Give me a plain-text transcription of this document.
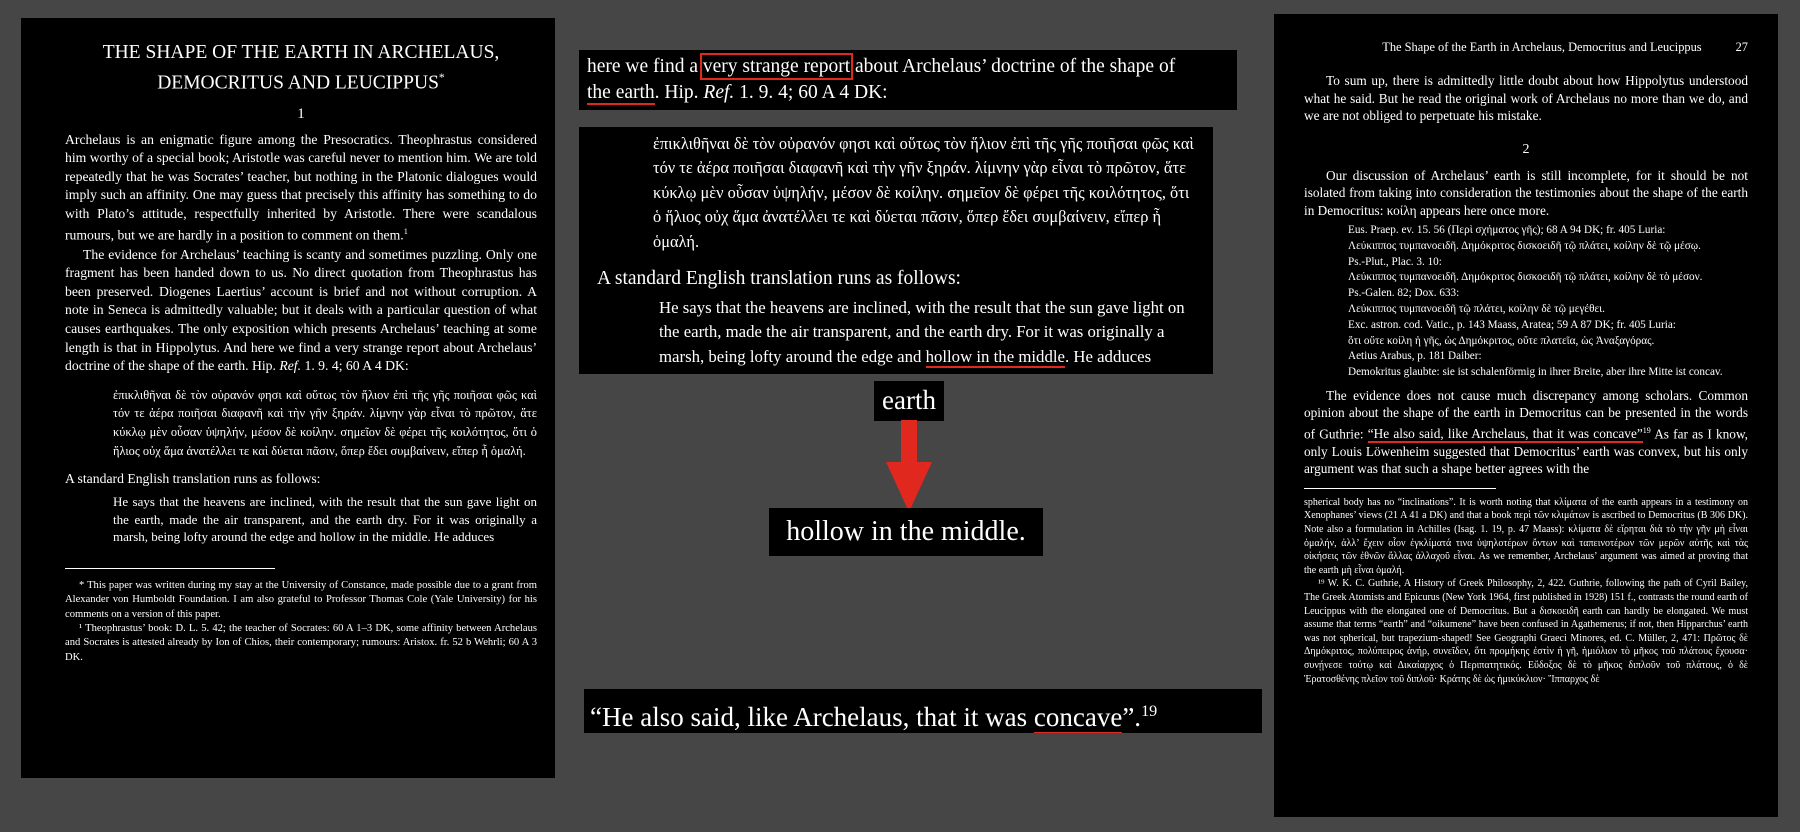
THE SHAPE OF THE EARTH IN ARCHELAUS,
DEMOCRITUS AND LEUCIPPUS*
1

Archelaus is an enigmatic figure among the Presocratics. Theophrastus considered him worthy of a special book; Aristotle was careful never to mention him. We are told repeatedly that he was Socrates’ teacher, but nothing in the Platonic dialogues would imply such an affinity. One may guess that precisely this affinity has something to do with Plato’s attitude, respectfully inherited by Aristotle. There were scandalous rumours, but we are hardly in a position to comment on them.$^1$

The evidence for Archelaus’ teaching is scanty and sometimes puzzling. Only one fragment has been handed down to us. No direct quotation from Theophrastus has been preserved. Diogenes Laertius’ account is brief and not without corruption. A note in Seneca is admittedly valuable; but it deals with a particular question of what causes earthquakes. The only exposition which presents Archelaus’ teaching at some length is that in Hippolytus. And here we find a very strange report about Archelaus’ doctrine of the shape of the earth. Hip. Ref. 1. 9. 4; 60 A 4 DK:

ἐπικλιθῆναι δὲ τὸν οὐρανόν φησι καὶ οὕτως τὸν ἥλιον ἐπὶ τῆς γῆς ποιῆσαι φῶς καὶ τόν τε ἀέρα ποιῆσαι διαφανῆ καὶ τὴν γῆν ξηράν. λίμνην γὰρ εἶναι τὸ πρῶτον, ἅτε κύκλῳ μὲν οὖσαν ὑψηλήν, μέσον δὲ κοίλην. σημεῖον δὲ φέρει τῆς κοιλότητος, ὅτι ὁ ἥλιος οὐχ ἅμα ἀνατέλλει τε καὶ δύεται πᾶσιν, ὅπερ ἔδει συμβαίνειν, εἴπερ ἦ ὁμαλή.

A standard English translation runs as follows:

He says that the heavens are inclined, with the result that the sun gave light on the earth, made the air transparent, and the earth dry. For it was originally a marsh, being lofty around the edge and hollow in the middle. He adduces

* This paper was written during my stay at the University of Constance, made possible due to a grant from Alexander von Humboldt Foundation. I am also grateful to Professor Thomas Cole (Yale University) for his comments on a version of this paper.

¹ Theophrastus’ book: D. L. 5. 42; the teacher of Socrates: 60 A 1–3 DK, some affinity between Archelaus and Socrates is attested already by Ion of Chios, their contemporary; rumours: Aristox. fr. 52 b Wehrli; 60 A 3 DK.

here we find a very strange report about Archelaus’ doctrine of the shape of
the earth. Hip. Ref. 1. 9. 4; 60 A 4 DK:
ἐπικλιθῆναι δὲ τὸν οὐρανόν φησι καὶ οὕτως τὸν ἥλιον ἐπὶ τῆς γῆς ποιῆσαι φῶς καὶ τόν τε ἀέρα ποιῆσαι διαφανῆ καὶ τὴν γῆν ξηράν. λίμνην γὰρ εἶναι τὸ πρῶτον, ἅτε κύκλῳ μὲν οὖσαν ὑψηλήν, μέσον δὲ κοίλην. σημεῖον δὲ φέρει τῆς κοιλότητος, ὅτι ὁ ἥλιος οὐχ ἅμα ἀνατέλλει τε καὶ δύεται πᾶσιν, ὅπερ ἔδει συμβαίνειν, εἴπερ ἦ ὁμαλή.
A standard English translation runs as follows:
He says that the heavens are inclined, with the result that the sun gave light on the earth, made the air transparent, and the earth dry. For it was originally a marsh, being lofty around the edge and hollow in the middle. He adduces
earth
hollow in the middle.
“He also said, like Archelaus, that it was concave”.$^{19}$
The Shape of the Earth in Archelaus, Democritus and Leucippus	27

To sum up, there is admittedly little doubt about how Hippolytus understood what he said. But he read the original work of Archelaus no more than we do, and we are not obliged to perpetuate his mistake.

2

Our discussion of Archelaus’ earth is still incomplete, for it should be not isolated from taking into consideration the testimonies about the shape of the earth in Democritus: κοίλη appears here once more.

Eus. Praep. ev. 15. 56 (Περὶ σχήματος γῆς); 68 A 94 DK; fr. 405 Luria:
Λεύκιππος τυμπανοειδῆ. Δημόκριτος δισκοειδῆ τῷ πλάτει, κοίλην δὲ τῷ μέσῳ.
Ps.-Plut., Plac. 3. 10:
Λεύκιππος τυμπανοειδῆ. Δημόκριτος δισκοειδῆ τῷ πλάτει, κοίλην δὲ τὸ μέσον.
Ps.-Galen. 82; Dox. 633:
Λεύκιππος τυμπανοειδῆ τῷ πλάτει, κοίλην δὲ τῷ μεγέθει.
Exc. astron. cod. Vatic., p. 143 Maass, Aratea; 59 A 87 DK; fr. 405 Luria:
ὅτι οὔτε κοίλη ἡ γῆς, ὡς Δημόκριτος, οὔτε πλατεῖα, ὡς Ἀναξαγόρας.
Aetius Arabus, p. 181 Daiber:
Demokritus glaubte: sie ist schalenförmig in ihrer Breite, aber ihre Mitte ist concav.

The evidence does not cause much discrepancy among scholars. Common opinion about the shape of the earth in Democritus can be presented in the words of Guthrie: “He also said, like Archelaus, that it was concave”$^{19}$ As far as I know, only Louis Löwenheim suggested that Democritus’ earth was convex, but his only argument was that such a shape better agrees with the

spherical body has no “inclinations”. It is worth noting that κλίματα of the earth appears in a testimony on Xenophanes’ views (21 A 41 a DK) and that a book περὶ τῶν κλιμάτων is ascribed to Democritus (B 306 DK). Note also a formulation in Achilles (Isag. 1. 19, p. 47 Maass): κλίματα δὲ εἴρηται διὰ τὸ τὴν γῆν μὴ εἶναι ὁμαλήν, ἀλλ’ ἔχειν οἷον ἐγκλίματά τινα ὑψηλοτέρων ὄντων καὶ ταπεινοτέρων τῶν μερῶν αὐτῆς καὶ τὰς οἰκήσεις τῶν ἐθνῶν ἄλλας ἀλλαχοῦ εἶναι. As we remember, Archelaus’ argument was aimed at proving that the earth μὴ εἶναι ὁμαλή.

¹⁹ W. K. C. Guthrie, A History of Greek Philosophy, 2, 422. Guthrie, following the path of Cyril Bailey, The Greek Atomists and Epicurus (New York 1964, first published in 1928) 151 f., contrasts the round earth of Leucippus with the elongated one of Democritus. But a δισκοειδῆ earth can hardly be elongated. We must assume that terms “earth” and “oikumene” have been confused in Agathemerus; if not, then Hipparchus’ earth was not spherical, but trapezium-shaped! See Geographi Graeci Minores, ed. C. Müller, 2, 471: Πρῶτος δὲ Δημόκριτος, πολύπειρος ἀνήρ, συνεῖδεν, ὅτι προμήκης ἐστὶν ἡ γῆ, ἡμιόλιον τὸ μῆκος τοῦ πλάτους ἔχουσα· συνῄνεσε τούτῳ καὶ Δικαίαρχος ὁ Περιπατητικός. Εὔδοξος δὲ τὸ μῆκος διπλοῦν τοῦ πλάτους, ὁ δὲ Ἐρατοσθένης πλεῖον τοῦ διπλοῦ· Κράτης δὲ ὡς ἡμικύκλιον· Ἵππαρχος δὲ
